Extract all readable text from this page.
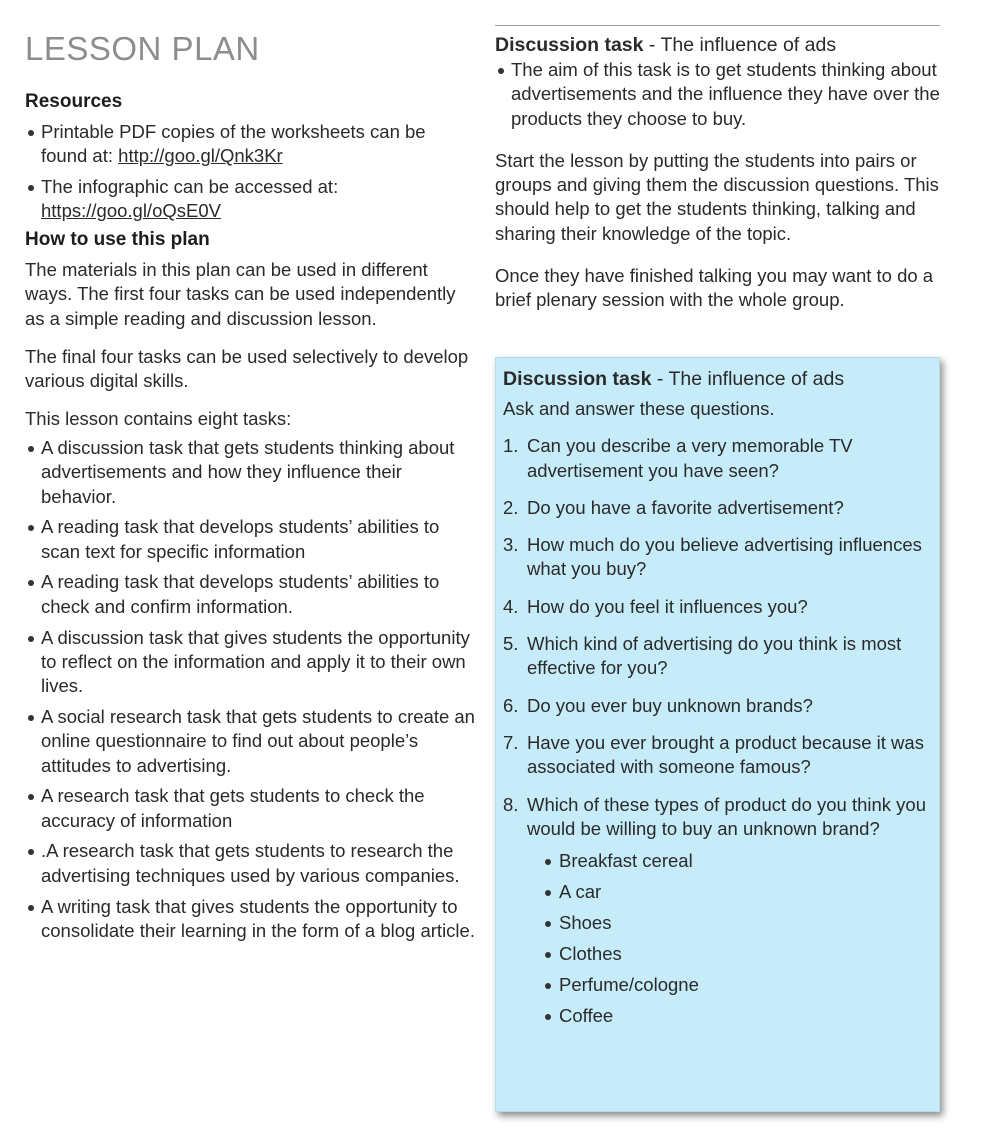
LESSON PLAN
Resources
Printable PDF copies of the worksheets can be found at: http://goo.gl/Qnk3Kr
The infographic can be accessed at: https://goo.gl/oQsE0V
How to use this plan

The materials in this plan can be used in different ways. The first four tasks can be used independently as a simple reading and discussion lesson.

The final four tasks can be used selectively to develop various digital skills.

This lesson contains eight tasks:

A discussion task that gets students thinking about advertisements and how they influence their behavior.
A reading task that develops students’ abilities to scan text for specific information
A reading task that develops students’ abilities to check and confirm information.
A discussion task that gives students the opportunity to reflect on the information and apply it to their own lives.
A social research task that gets students to create an online questionnaire to find out about people’s attitudes to advertising.
A research task that gets students to check the accuracy of information
.A research task that gets students to research the advertising techniques used by various companies.
A writing task that gives students the opportunity to consolidate their learning in the form of a blog article.
Discussion task - The influence of ads
The aim of this task is to get students thinking about advertisements and the influence they have over the products they choose to buy.

Start the lesson by putting the students into pairs or groups and giving them the discussion questions. This should help to get the students thinking, talking and sharing their knowledge of the topic.

Once they have finished talking you may want to do a brief plenary session with the whole group.

Discussion task - The influence of ads

Ask and answer these questions.

1. Can you describe a very memorable TV advertisement you have seen?
2. Do you have a favorite advertisement?
3. How much do you believe advertising influences what you buy?
4. How do you feel it influences you?
5. Which kind of advertising do you think is most effective for you?
6. Do you ever buy unknown brands?
7. Have you ever brought a product because it was associated with someone famous?
8. Which of these types of product do you think you would be willing to buy an unknown brand?
Breakfast cereal
A car
Shoes
Clothes
Perfume/cologne
Coffee
